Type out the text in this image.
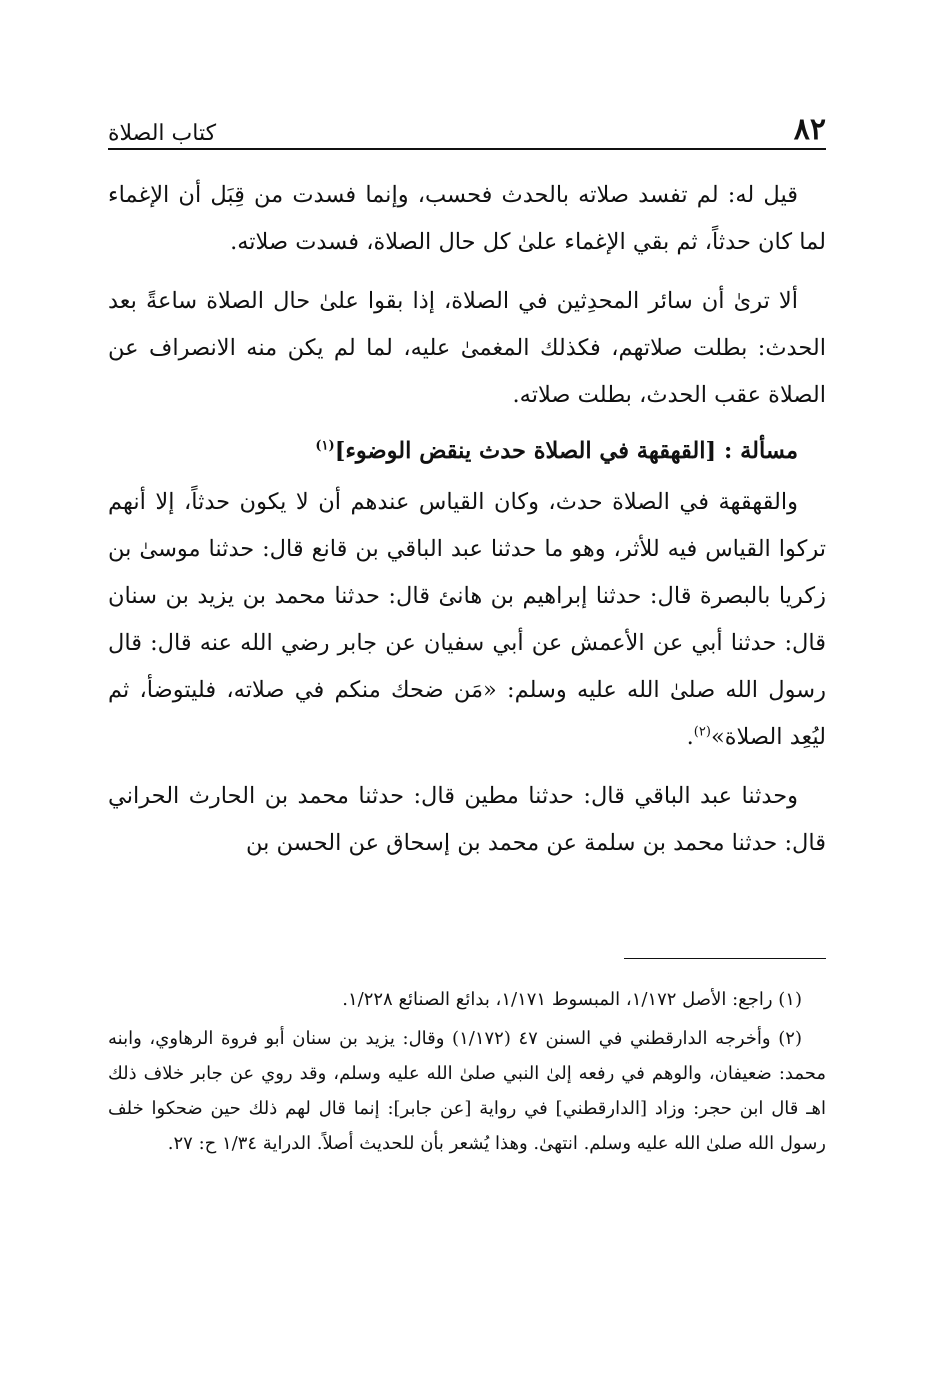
٨٢
كتاب الصلاة

قيل له: لم تفسد صلاته بالحدث فحسب، وإنما فسدت من قِبَل أن الإغماء لما كان حدثاً، ثم بقي الإغماء علىٰ كل حال الصلاة، فسدت صلاته.

ألا ترىٰ أن سائر المحدِثين في الصلاة، إذا بقوا علىٰ حال الصلاة ساعةً بعد الحدث: بطلت صلاتهم، فكذلك المغمىٰ عليه، لما لم يكن منه الانصراف عن الصلاة عقب الحدث، بطلت صلاته.

مسألة : [القهقهة في الصلاة حدث ينقض الوضوء]$^{(١)}$

والقهقهة في الصلاة حدث، وكان القياس عندهم أن لا يكون حدثاً، إلا أنهم تركوا القياس فيه للأثر، وهو ما حدثنا عبد الباقي بن قانع قال: حدثنا موسىٰ بن زكريا بالبصرة قال: حدثنا إبراهيم بن هانئ قال: حدثنا محمد بن يزيد بن سنان قال: حدثنا أبي عن الأعمش عن أبي سفيان عن جابر رضي الله عنه قال: قال رسول الله صلىٰ الله عليه وسلم: «مَن ضحك منكم في صلاته، فليتوضأ، ثم ليُعِد الصلاة»$^{(٢)}$.

وحدثنا عبد الباقي قال: حدثنا مطين قال: حدثنا محمد بن الحارث الحراني قال: حدثنا محمد بن سلمة عن محمد بن إسحاق عن الحسن بن

(١) راجع: الأصل ١/١٧٢، المبسوط ١/١٧١، بدائع الصنائع ١/٢٢٨.

(٢) وأخرجه الدارقطني في السنن ٤٧ (١/١٧٢) وقال: يزيد بن سنان أبو فروة الرهاوي، وابنه محمد: ضعيفان، والوهم في رفعه إلىٰ النبي صلىٰ الله عليه وسلم، وقد روي عن جابر خلاف ذلك اهـ قال ابن حجر: وزاد [الدارقطني] في رواية [عن جابر]: إنما قال لهم ذلك حين ضحكوا خلف رسول الله صلىٰ الله عليه وسلم. انتهىٰ. وهذا يُشعر بأن للحديث أصلاً. الدراية ١/٣٤ ح: ٢٧.
